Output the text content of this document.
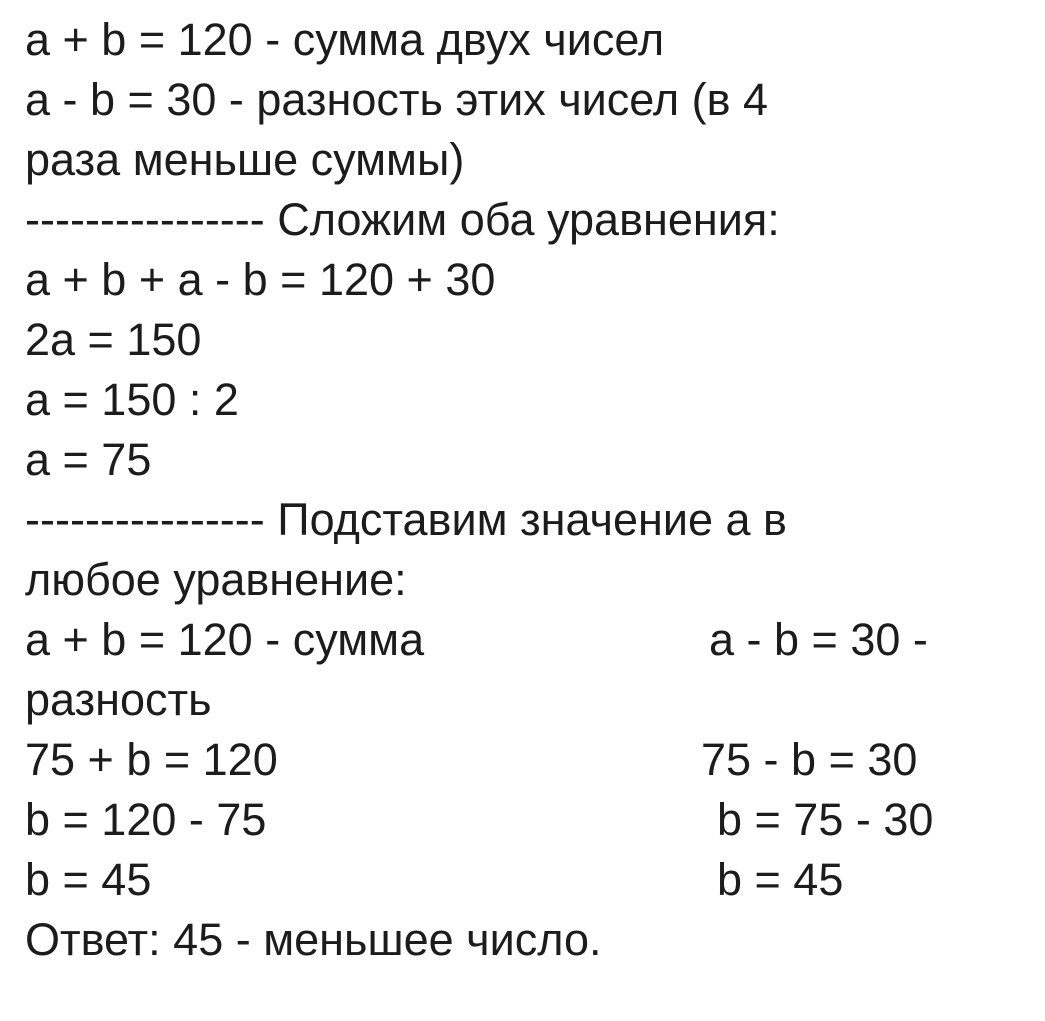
a + b = 120 - сумма двух чисел

a - b = 30 - разность этих чисел (в 4

раза меньше суммы)

---------------- Сложим оба уравнения:

a + b + a - b = 120 + 30

2a = 150

a = 150 : 2

a = 75

---------------- Подставим значение а в

любое уравнение:

a + b = 120 - сумма	a - b = 30 -

разность

75 + b = 120	75 - b = 30

b = 120 - 75	b = 75 - 30

b = 45	b = 45

Ответ: 45 - меньшее число.
